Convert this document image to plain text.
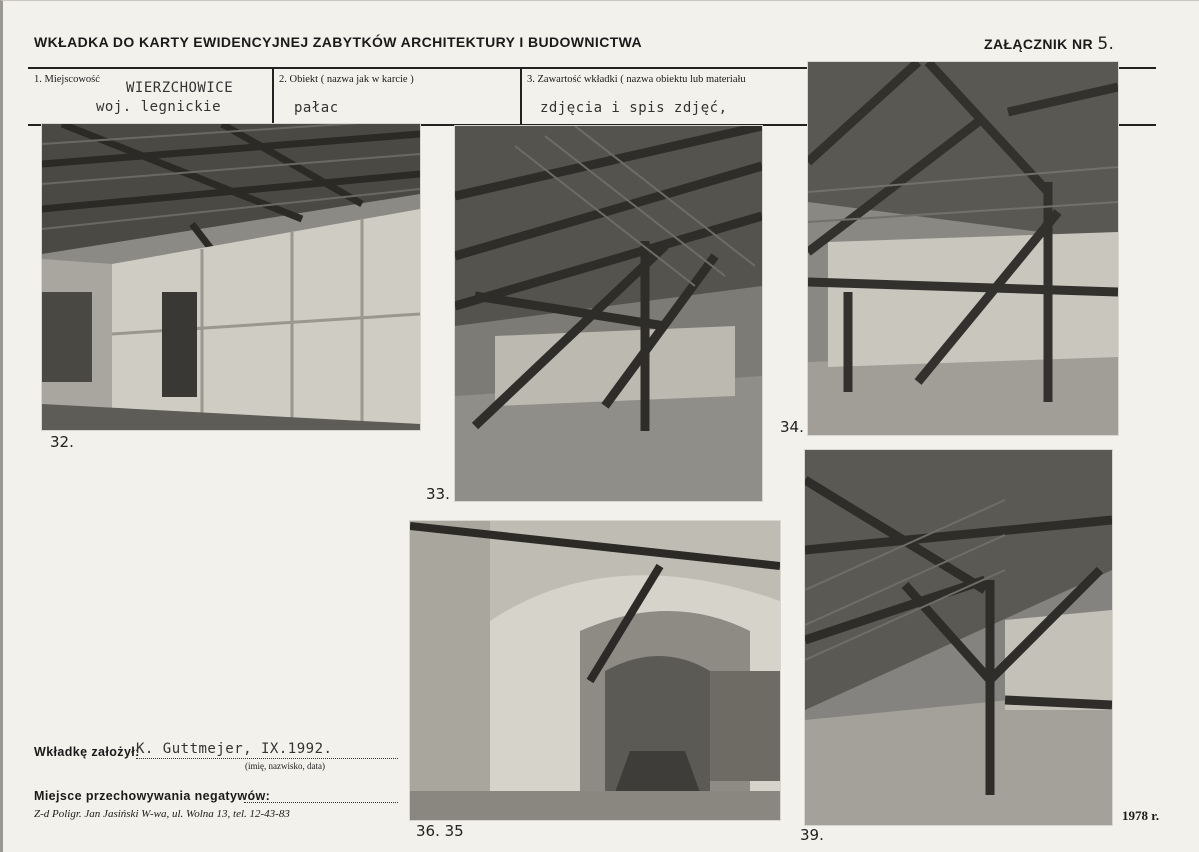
WKŁADKA DO KARTY EWIDENCYJNEJ ZABYTKÓW ARCHITEKTURY I BUDOWNICTWA	ZAŁĄCZNIK NR 5.
1. Miejscowość
WIERZCHOWICE
woj. legnickie
2. Obiekt ( nazwa jak w karcie )
pałac
3. Zawartość wkładki ( nazwa obiektu lub materiału
zdjęcia i spis zdjęć,
32.
33.
34.
36. 35	39.
Wkładkę założył:
K. Guttmejer, IX.1992.
(imię, nazwisko, data)
Miejsce przechowywania negatywów:
Z-d Poligr. Jan Jasiński W-wa, ul. Wolna 13, tel. 12-43-83	1978 r.
